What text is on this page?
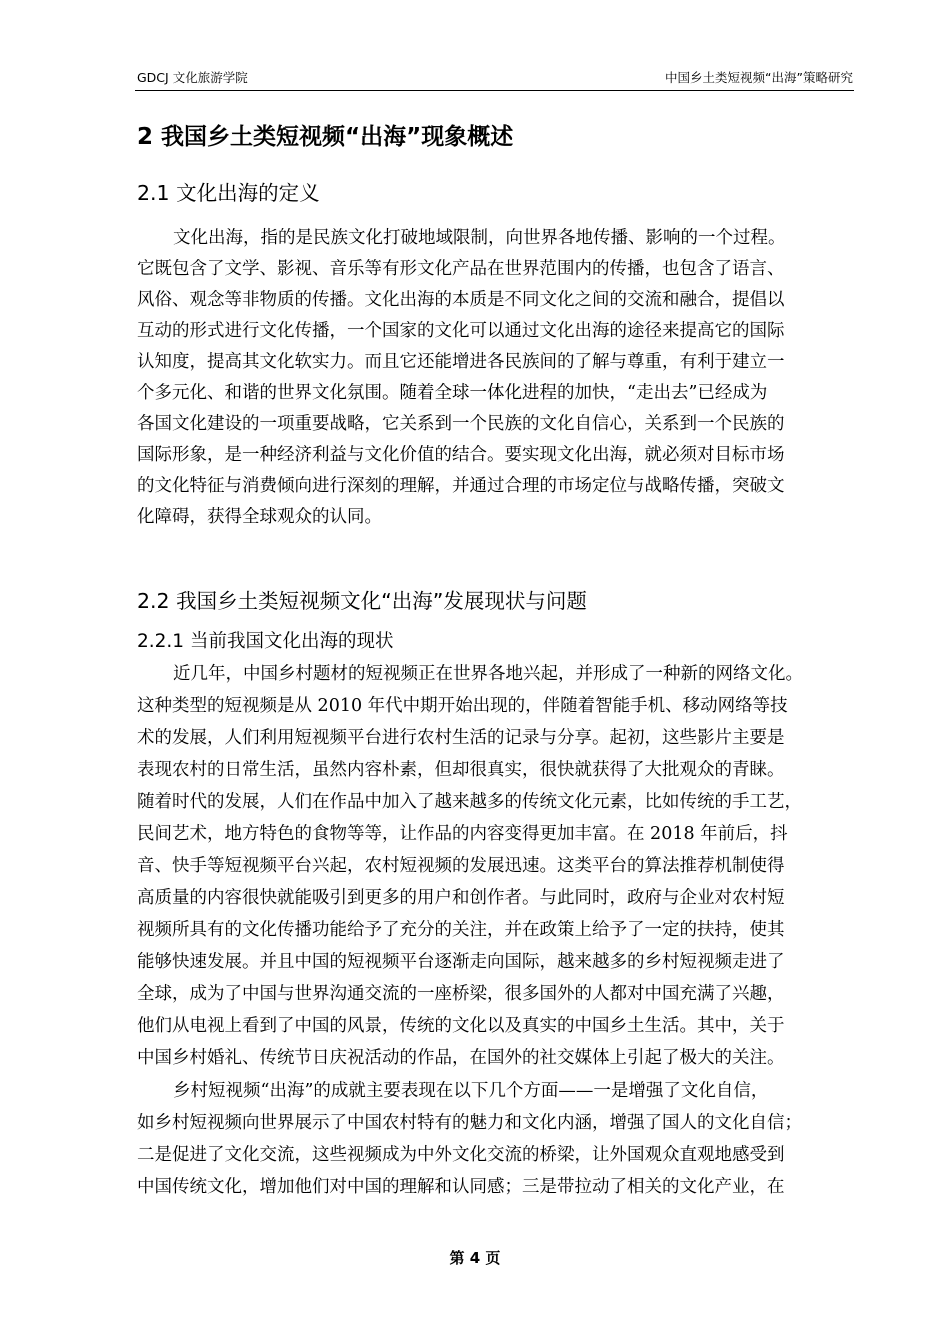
GDCJ 文化旅游学院	中国乡土类短视频“出海”策略研究
2 我国乡土类短视频“出海”现象概述
2.1 文化出海的定义
文化出海，指的是民族文化打破地域限制，向世界各地传播、影响的一个过程。
它既包含了文学、影视、音乐等有形文化产品在世界范围内的传播，也包含了语言、
风俗、观念等非物质的传播。文化出海的本质是不同文化之间的交流和融合，提倡以
互动的形式进行文化传播，一个国家的文化可以通过文化出海的途径来提高它的国际
认知度，提高其文化软实力。而且它还能增进各民族间的了解与尊重，有利于建立一
个多元化、和谐的世界文化氛围。随着全球一体化进程的加快，“走出去”已经成为
各国文化建设的一项重要战略，它关系到一个民族的文化自信心，关系到一个民族的
国际形象，是一种经济利益与文化价值的结合。要实现文化出海，就必须对目标市场
的文化特征与消费倾向进行深刻的理解，并通过合理的市场定位与战略传播，突破文
化障碍，获得全球观众的认同。
2.2 我国乡土类短视频文化“出海”发展现状与问题
2.2.1 当前我国文化出海的现状
近几年，中国乡村题材的短视频正在世界各地兴起，并形成了一种新的网络文化。
这种类型的短视频是从 2010 年代中期开始出现的，伴随着智能手机、移动网络等技
术的发展，人们利用短视频平台进行农村生活的记录与分享。起初，这些影片主要是
表现农村的日常生活，虽然内容朴素，但却很真实，很快就获得了大批观众的青睐。
随着时代的发展，人们在作品中加入了越来越多的传统文化元素，比如传统的手工艺，
民间艺术，地方特色的食物等等，让作品的内容变得更加丰富。在 2018 年前后，抖
音、快手等短视频平台兴起，农村短视频的发展迅速。这类平台的算法推荐机制使得
高质量的内容很快就能吸引到更多的用户和创作者。与此同时，政府与企业对农村短
视频所具有的文化传播功能给予了充分的关注，并在政策上给予了一定的扶持，使其
能够快速发展。并且中国的短视频平台逐渐走向国际，越来越多的乡村短视频走进了
全球，成为了中国与世界沟通交流的一座桥梁，很多国外的人都对中国充满了兴趣，
他们从电视上看到了中国的风景，传统的文化以及真实的中国乡土生活。其中，关于
中国乡村婚礼、传统节日庆祝活动的作品，在国外的社交媒体上引起了极大的关注。
乡村短视频“出海”的成就主要表现在以下几个方面——一是增强了文化自信，
如乡村短视频向世界展示了中国农村特有的魅力和文化内涵，增强了国人的文化自信；
二是促进了文化交流，这些视频成为中外文化交流的桥梁，让外国观众直观地感受到
中国传统文化，增加他们对中国的理解和认同感；三是带拉动了相关的文化产业，在
第 4 页
